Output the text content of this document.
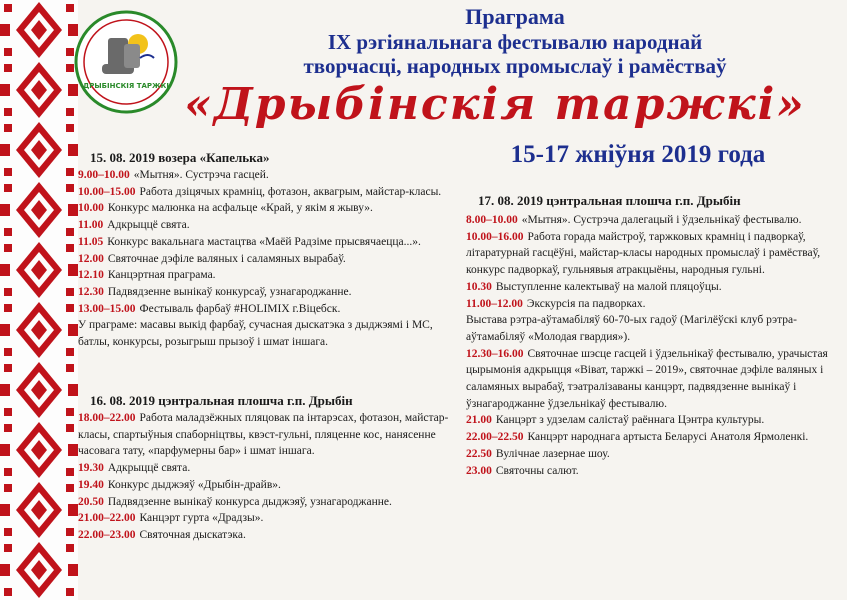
ДРЫБІНСКІЯ ТАРЖКІ
Праграма
IX рэгіянальнага фестывалю народнай
творчасці, народных промыслаў і рамёстваў
«Дрыбінскія таржкі»
15-17 жніўня 2019 года
15. 08. 2019 возера «Капелька»
9.00–10.00 «Мытня». Сустрэча гасцей.
10.00–15.00 Работа дзіцячых крамніц, фотазон, аквагрым, майстар-класы.
10.00 Конкурс малюнка на асфальце «Край, у якім я жыву».
11.00 Адкрыццё свята.
11.05 Конкурс вакальнага мастацтва «Маёй Радзіме прысвячаецца...».
12.00 Святочнае дэфіле валяных і саламяных вырабаў.
12.10 Канцэртная праграма.
12.30 Падвядзенне вынікаў конкурсаў, узнагароджанне.
13.00–15.00 Фестываль фарбаў #HOLIMIX г.Віцебск.
У праграме: масавы выкід фарбаў, сучасная дыскатэка з дыджэямі і МС, батлы, конкурсы, розыгрыш прызоў і шмат іншага.
16. 08. 2019 цэнтральная плошча г.п. Дрыбін
18.00–22.00 Работа маладзёжных пляцовак па інтарэсах, фотазон, майстар-класы, спартыўныя спаборніцтвы, квэст-гульні, пляценне кос, нанясенне часовага тату, «парфумерны бар» і шмат іншага.
19.30 Адкрыццё свята.
19.40 Конкурс дыджэяў «Дрыбін-драйв».
20.50 Падвядзенне вынікаў конкурса дыджэяў, узнагароджанне.
21.00–22.00 Канцэрт гурта «Драдзы».
22.00–23.00 Святочная дыскатэка.
17. 08. 2019 цэнтральная плошча г.п. Дрыбін
8.00–10.00 «Мытня». Сустрэча далегацый і ўдзельнікаў фестывалю.
10.00–16.00 Работа горада майстроў, таржковых крамніц і падворкаў, літаратурнай гасцёўні, майстар-класы народных промыслаў і рамёстваў, конкурс падворкаў, гульнявыя атракцыёны, народныя гульні.
10.30 Выступленне калектываў на малой пляцоўцы.
11.00–12.00 Экскурсія па падворках.
Выстава рэтра-аўтамабіляў 60-70-ых гадоў (Магілёўскі клуб рэтра-аўтамабіляў «Молодая гвардия»).
12.30–16.00 Святочнае шэсце гасцей і ўдзельнікаў фестывалю, урачыстая цырымонія адкрыцця «Віват, таржкі – 2019», святочнае дэфіле валяных і саламяных вырабаў, тэатралізаваны канцэрт, падвядзенне вынікаў і ўзнагароджанне ўдзельнікаў фестывалю.
21.00 Канцэрт з удзелам салістаў раённага Цэнтра культуры.
22.00–22.50 Канцэрт народнага артыста Беларусі Анатоля Ярмоленкі.
22.50 Вулічнае лазернае шоу.
23.00 Святочны салют.
